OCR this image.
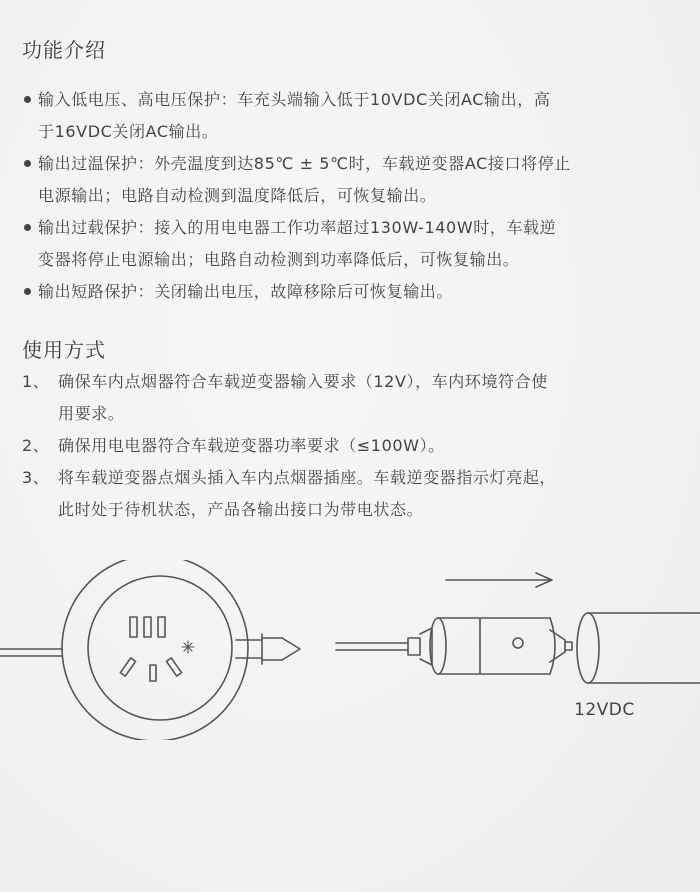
功能介绍
输入低电压、高电压保护：车充头端输入低于10VDC关闭AC输出，高
于16VDC关闭AC输出。
输出过温保护：外壳温度到达85℃ ± 5℃时，车载逆变器AC接口将停止
电源输出；电路自动检测到温度降低后，可恢复输出。
输出过载保护：接入的用电电器工作功率超过130W-140W时，车载逆
变器将停止电源输出；电路自动检测到功率降低后，可恢复输出。
输出短路保护：关闭输出电压，故障移除后可恢复输出。
使用方式
1、 确保车内点烟器符合车载逆变器输入要求（12V），车内环境符合使
用要求。
2、 确保用电电器符合车载逆变器功率要求（≤100W）。
3、 将车载逆变器点烟头插入车内点烟器插座。车载逆变器指示灯亮起，
此时处于待机状态，产品各输出接口为带电状态。
12VDC
